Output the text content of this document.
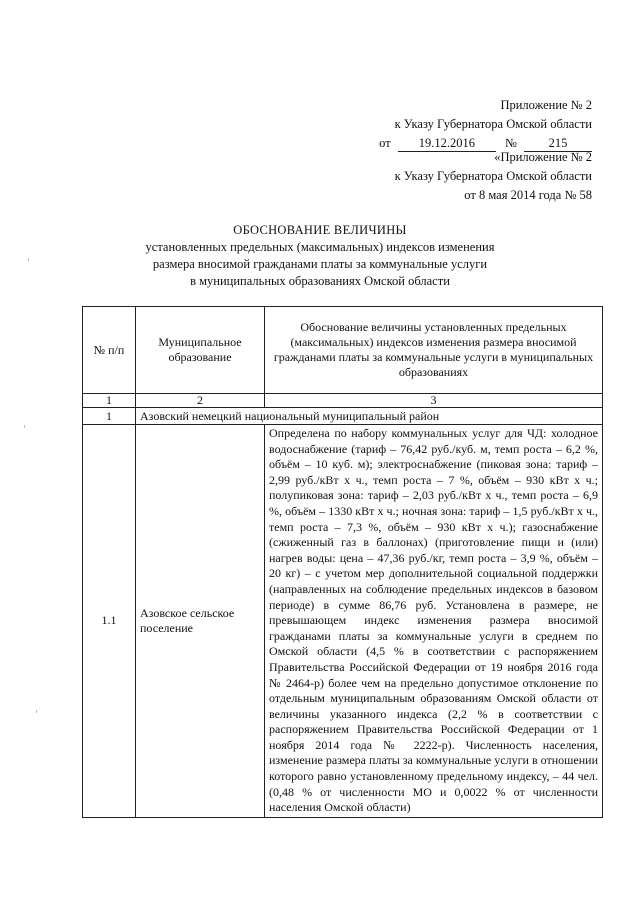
Приложение № 2
к Указу Губернатора Омской области
от 19.12.2016 №	215
«Приложение № 2
к Указу Губернатора Омской области
от 8 мая 2014 года № 58
ОБОСНОВАНИЕ ВЕЛИЧИНЫ
установленных предельных (максимальных) индексов изменения
размера вносимой гражданами платы за коммунальные услуги
в муниципальных образованиях Омской области
№ п/п	Муниципальное образование	Обоснование величины установленных предельных (максимальных) индексов изменения размера вносимой гражданами платы за коммунальные услуги в муниципальных образованиях
1	2	3
1	Азовский немецкий национальный муниципальный район	
1.1	Азовское сельское поселение	Определена по набору коммунальных услуг для ЧД: холодное водоснабжение (тариф – 76,42 руб./куб. м, темп роста – 6,2 %, объём – 10 куб. м); электроснабжение (пиковая зона: тариф – 2,99 руб./кВт х ч., темп роста – 7 %, объём – 930 кВт х ч.; полупиковая зона: тариф – 2,03 руб./кВт х ч., темп роста – 6,9 %, объём – 1330 кВт х ч.; ночная зона: тариф – 1,5 руб./кВт х ч., темп роста – 7,3 %, объём – 930 кВт х ч.); газоснабжение (сжиженный газ в баллонах) (приготовление пищи и (или) нагрев воды: цена – 47,36 руб./кг, темп роста – 3,9 %, объём – 20 кг) – с учетом мер дополнительной социальной поддержки (направленных на соблюдение предельных индексов в базовом периоде) в сумме 86,76 руб. Установлена в размере, не превышающем индекс изменения размера вносимой гражданами платы за коммунальные услуги в среднем по Омской области (4,5 % в соответствии с распоряжением Правительства Российской Федерации от 19 ноября 2016 года № 2464-р) более чем на предельно допустимое отклонение по отдельным муниципальным образованиям Омской области от величины указанного индекса (2,2 % в соответствии с распоряжением Правительства Российской Федерации от 1 ноября 2014 года № 2222-р). Численность населения, изменение размера платы за коммунальные услуги в отношении которого равно установленному предельному индексу, – 44 чел. (0,48 % от численности МО и 0,0022 % от численности населения Омской области)
